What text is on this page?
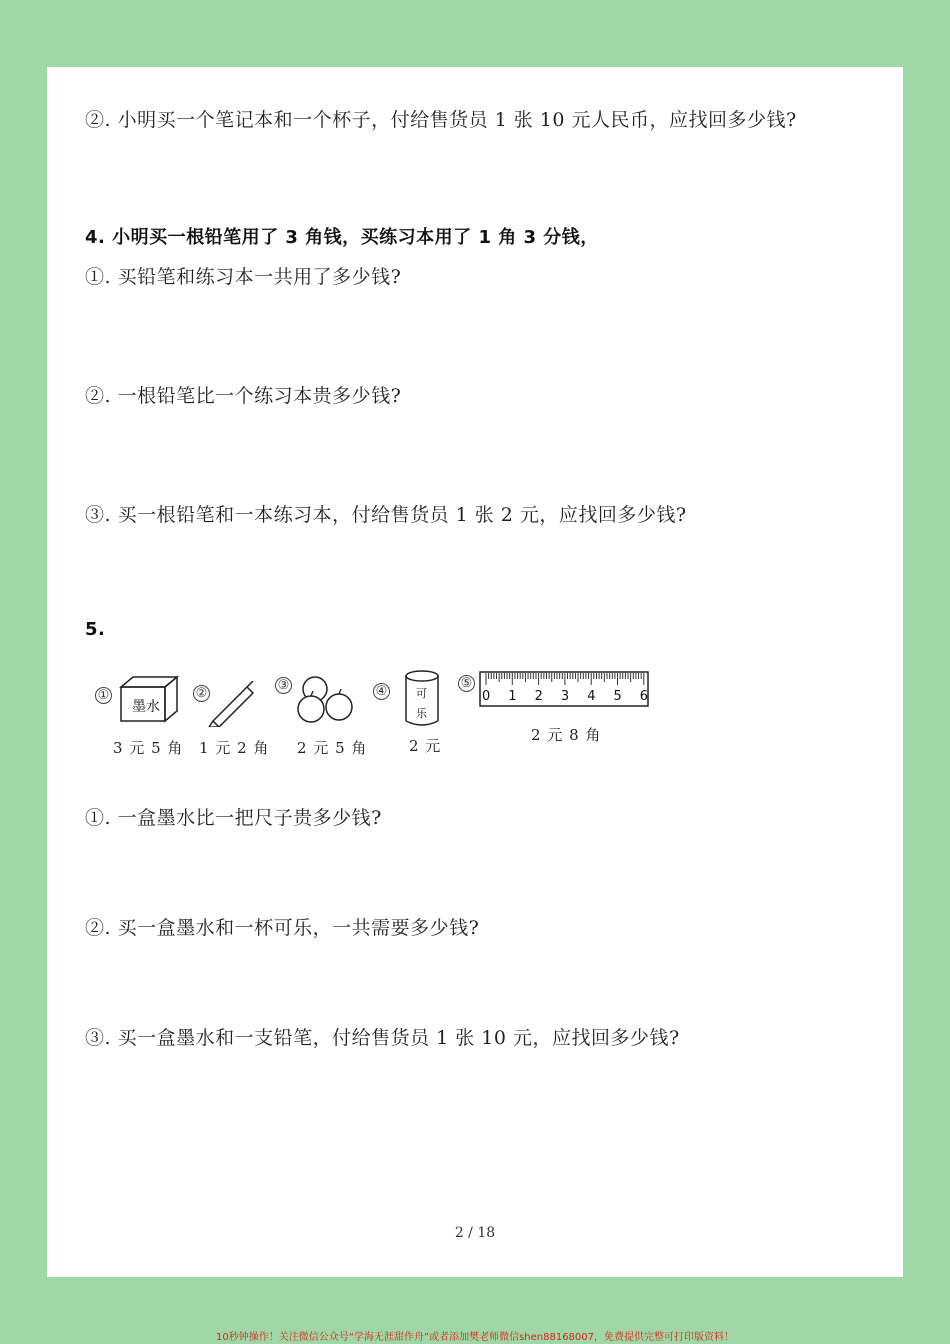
②. 小明买一个笔记本和一个杯子，付给售货员 1 张 10 元人民币，应找回多少钱?
4. 小明买一根铅笔用了 3 角钱，买练习本用了 1 角 3 分钱，
①. 买铅笔和练习本一共用了多少钱?
②. 一根铅笔比一个练习本贵多少钱?
③. 买一根铅笔和一本练习本，付给售货员 1 张 2 元，应找回多少钱?
5.
①
墨水
3 元 5 角
②
1 元 2 角
③
2 元 5 角
④	可
乐
2 元
⑤
0 1 2 3 4 5 6
2 元 8 角
①. 一盒墨水比一把尺子贵多少钱?
②. 买一盒墨水和一杯可乐，一共需要多少钱?
③. 买一盒墨水和一支铅笔，付给售货员 1 张 10 元，应找回多少钱?
2 / 18
10秒钟操作！关注微信公众号“学海无涯甜作舟”或者添加樊老师微信shen88168007，免费提供完整可打印版资料！
